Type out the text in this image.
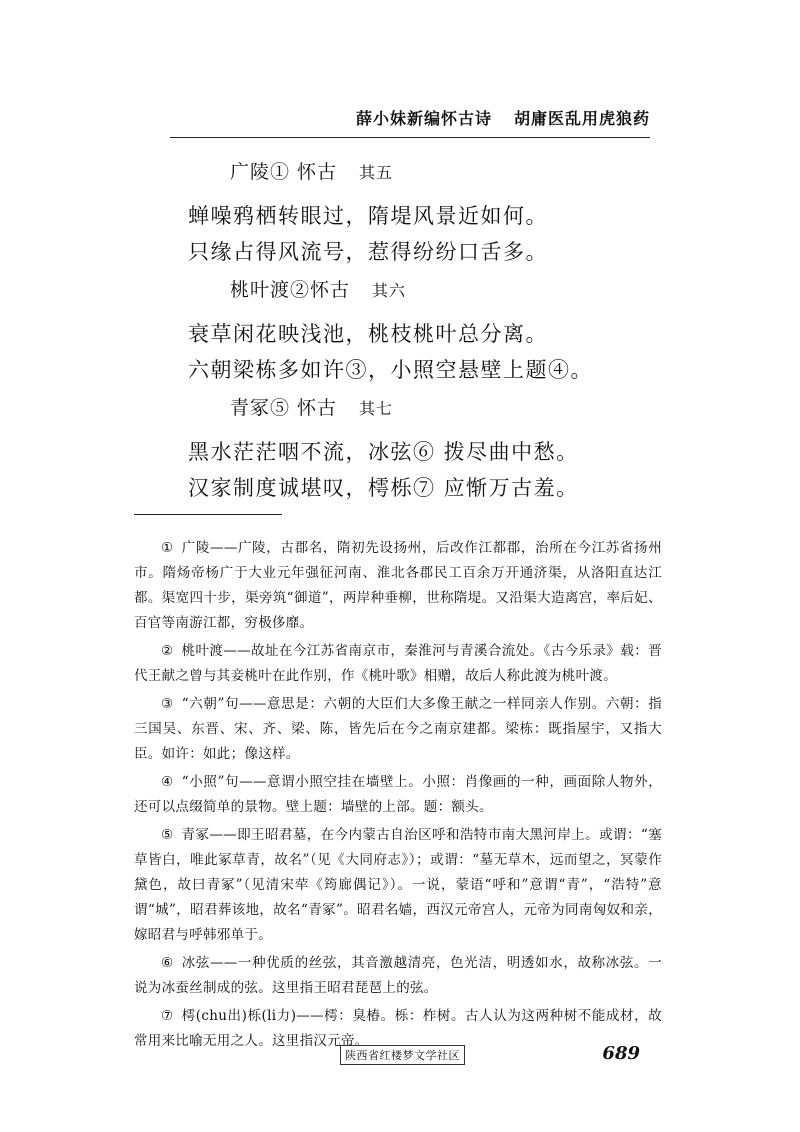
薛小妹新编怀古诗 胡庸医乱用虎狼药
广陵① 怀古 其五
蝉噪鸦栖转眼过，隋堤风景近如何。
只缘占得风流号，惹得纷纷口舌多。
桃叶渡②怀古 其六
衰草闲花映浅池，桃枝桃叶总分离。
六朝梁栋多如许③，小照空悬壁上题④。
青冢⑤ 怀古 其七
黑水茫茫咽不流，冰弦⑥ 拨尽曲中愁。
汉家制度诚堪叹，樗栎⑦ 应惭万古羞。

① 广陵——广陵，古郡名，隋初先设扬州，后改作江都郡，治所在今江苏省扬州市。隋炀帝杨广于大业元年强征河南、淮北各郡民工百余万开通济渠，从洛阳直达江都。渠宽四十步，渠旁筑“御道”，两岸种垂柳，世称隋堤。又沿渠大造离宫，率后妃、百官等南游江都，穷极侈靡。

② 桃叶渡——故址在今江苏省南京市，秦淮河与青溪合流处。《古今乐录》载：晋代王献之曾与其妾桃叶在此作别，作《桃叶歌》相赠，故后人称此渡为桃叶渡。

③ “六朝”句——意思是：六朝的大臣们大多像王献之一样同亲人作别。六朝：指三国吴、东晋、宋、齐、梁、陈，皆先后在今之南京建都。梁栋：既指屋宇，又指大臣。如许：如此；像这样。

④ “小照”句——意谓小照空挂在墙壁上。小照：肖像画的一种，画面除人物外，还可以点缀简单的景物。壁上题：墙壁的上部。题：额头。

⑤ 青冢——即王昭君墓，在今内蒙古自治区呼和浩特市南大黑河岸上。或谓：“塞草皆白，唯此冢草青，故名”（见《大同府志》）；或谓：“墓无草木，远而望之，冥蒙作黛色，故曰青冢”（见清宋荦《筠廊偶记》）。一说，蒙语“呼和”意谓“青”，“浩特”意谓“城”，昭君葬该地，故名“青冢”。昭君名嫱，西汉元帝宫人，元帝为同南匈奴和亲，嫁昭君与呼韩邪单于。

⑥ 冰弦——一种优质的丝弦，其音激越清亮，色光洁，明透如水，故称冰弦。一说为冰蚕丝制成的弦。这里指王昭君琵琶上的弦。

⑦ 樗(chu出)栎(li力)——樗：臭椿。栎：柞树。古人认为这两种树不能成材，故常用来比喻无用之人。这里指汉元帝。

陕西省红楼梦文学社区	689
